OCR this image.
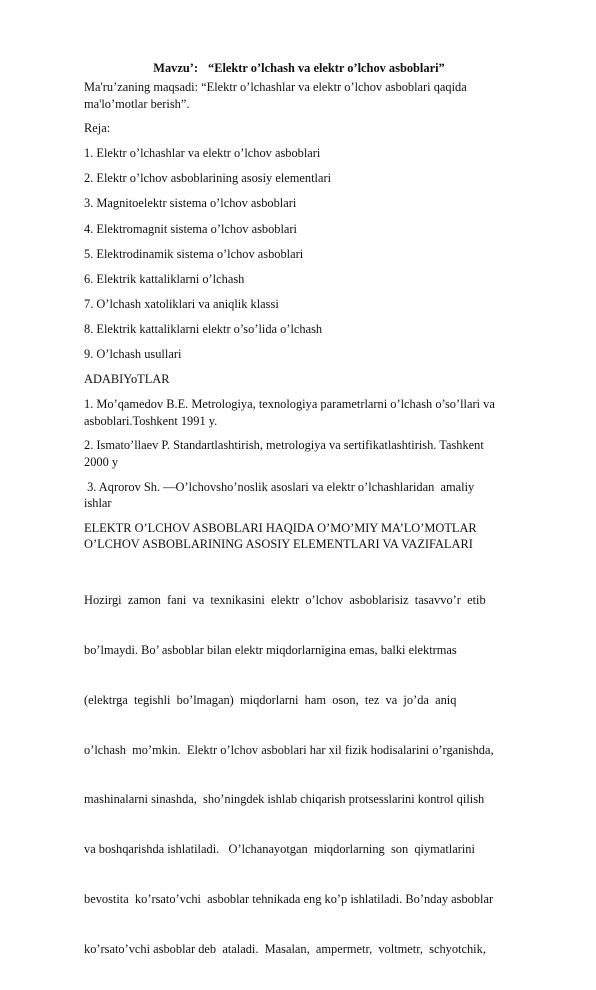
Mavzu’: “Elektr o’lchash va elektr o’lchov asboblari”

Ma'ru’zaning maqsadi: “Elektr o’lchashlar va elektr o’lchov asboblari qaqida
ma'lo’motlar berish”.

Reja:

1. Elektr o’lchashlar va elektr o’lchov asboblari

2. Elektr o’lchov asboblarining asosiy elementlari

3. Magnitoelektr sistema o’lchov asboblari

4. Elektromagnit sistema o’lchov asboblari

5. Elektrodinamik sistema o’lchov asboblari

6. Elektrik kattaliklarni o’lchash

7. O’lchash xatoliklari va aniqlik klassi

8. Elektrik kattaliklarni elektr o’so’lida o’lchash

9. O’lchash usullari

ADABIYoTLAR

1. Mo’qamedov B.E. Metrologiya, texnologiya parametrlarni o’lchash o’so’llari va
asboblari.Toshkent 1991 y.

2. Ismato’llaev P. Standartlashtirish, metrologiya va sertifikatlashtirish. Tashkent
2000 y

3. Aqrorov Sh. ―O’lchovsho’noslik asoslari va elektr o’lchashlaridan  amaliy
ishlar

ELEKTR O’LCHOV ASBOBLARI HAQIDA O’MO’MIY MA’LO’MOTLAR
O’LCHOV ASBOBLARINING ASOSIY ELEMENTLARI VA VAZIFALARI

Hozirgi  zamon  fani  va  texnikasini  elektr  o’lchov  asboblarisiz  tasavvo’r  etib

bo’lmaydi. Bo’ asboblar bilan elektr miqdorlarnigina emas, balki elektrmas

(elektrga  tegishli  bo’lmagan)  miqdorlarni  ham  oson,  tez  va  jo’da  aniq

o’lchash  mo’mkin.  Elektr o’lchov asboblari har xil fizik hodisalarini o’rganishda,

mashinalarni sinashda,  sho’ningdek ishlab chiqarish protsesslarini kontrol qilish

va boshqarishda ishlatiladi.   O’lchanayotgan  miqdorlarning  son  qiymatlarini

bevostita  ko’rsato’vchi  asboblar tehnikada eng ko’p ishlatiladi. Bo’nday asboblar

ko’rsato’vchi asboblar deb  ataladi.  Masalan,  ampermetr,  voltmetr,  schyotchik,
